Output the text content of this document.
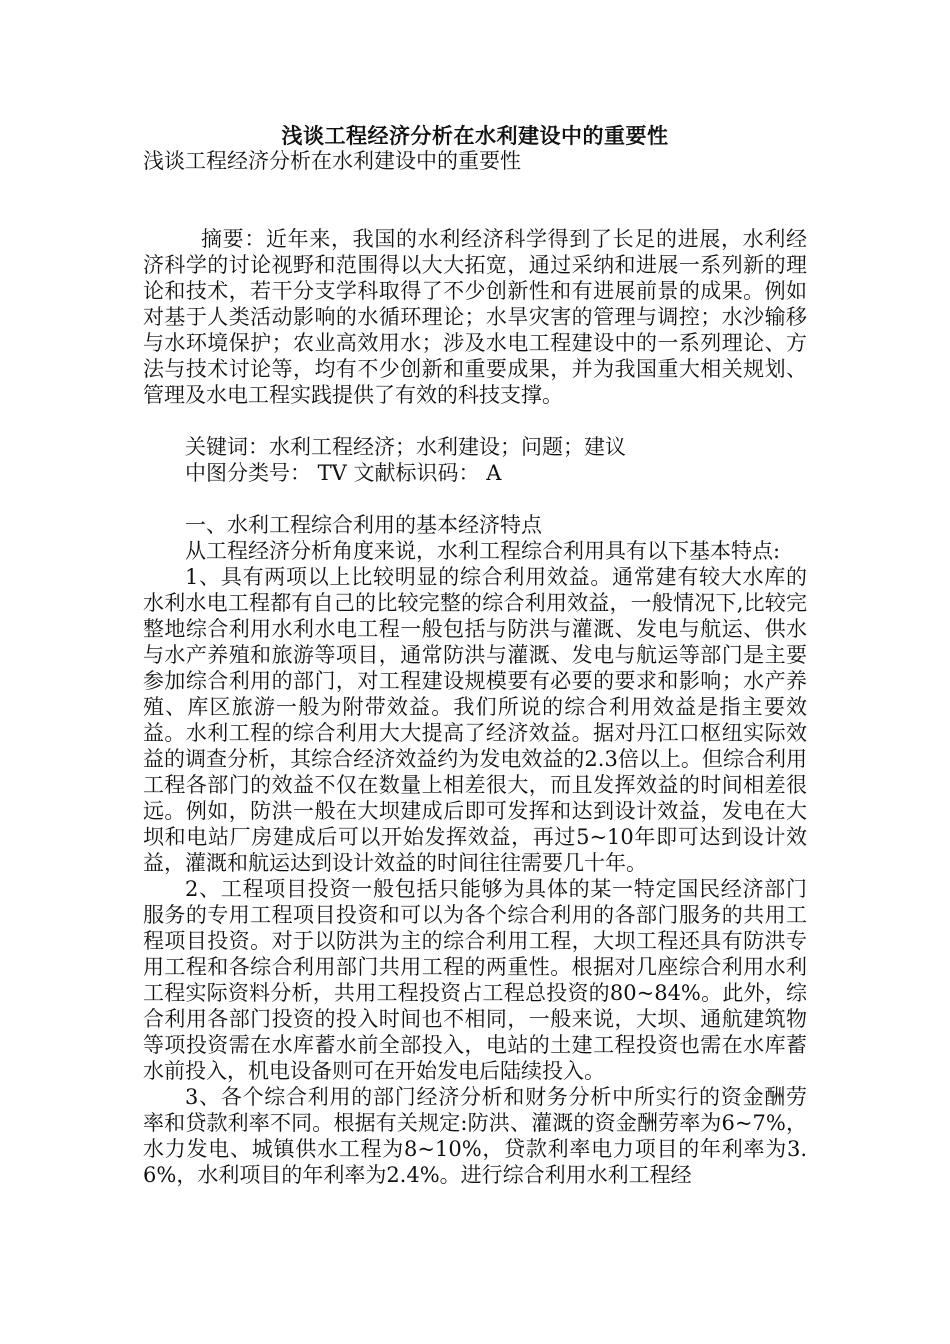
浅谈工程经济分析在水利建设中的重要性

浅谈工程经济分析在水利建设中的重要性

摘要：近年来，我国的水利经济科学得到了长足的进展，水利经济科学的讨论视野和范围得以大大拓宽，通过采纳和进展一系列新的理论和技术，若干分支学科取得了不少创新性和有进展前景的成果。例如对基于人类活动影响的水循环理论；水旱灾害的管理与调控；水沙输移与水环境保护；农业高效用水；涉及水电工程建设中的一系列理论、方法与技术讨论等，均有不少创新和重要成果，并为我国重大相关规划、管理及水电工程实践提供了有效的科技支撑。

关键词：水利工程经济；水利建设；问题；建议

中图分类号： TV 文献标识码： A

一、水利工程综合利用的基本经济特点

从工程经济分析角度来说，水利工程综合利用具有以下基本特点:

1、具有两项以上比较明显的综合利用效益。通常建有较大水库的水利水电工程都有自己的比较完整的综合利用效益，一般情况下,比较完整地综合利用水利水电工程一般包括与防洪与灌溉、发电与航运、供水与水产养殖和旅游等项目，通常防洪与灌溉、发电与航运等部门是主要参加综合利用的部门，对工程建设规模要有必要的要求和影响；水产养殖、库区旅游一般为附带效益。我们所说的综合利用效益是指主要效益。水利工程的综合利用大大提高了经济效益。据对丹江口枢纽实际效益的调查分析，其综合经济效益约为发电效益的2.3倍以上。但综合利用工程各部门的效益不仅在数量上相差很大，而且发挥效益的时间相差很远。例如，防洪一般在大坝建成后即可发挥和达到设计效益，发电在大坝和电站厂房建成后可以开始发挥效益，再过5~10年即可达到设计效益，灌溉和航运达到设计效益的时间往往需要几十年。

2、工程项目投资一般包括只能够为具体的某一特定国民经济部门服务的专用工程项目投资和可以为各个综合利用的各部门服务的共用工程项目投资。对于以防洪为主的综合利用工程，大坝工程还具有防洪专用工程和各综合利用部门共用工程的两重性。根据对几座综合利用水利工程实际资料分析，共用工程投资占工程总投资的80~84%。此外，综合利用各部门投资的投入时间也不相同，一般来说，大坝、通航建筑物等项投资需在水库蓄水前全部投入，电站的土建工程投资也需在水库蓄水前投入，机电设备则可在开始发电后陆续投入。

3、各个综合利用的部门经济分析和财务分析中所实行的资金酬劳率和贷款利率不同。根据有关规定:防洪、灌溉的资金酬劳率为6~7%，水力发电、城镇供水工程为8~10%，贷款利率电力项目的年利率为3.6%，水利项目的年利率为2.4%。进行综合利用水利工程经
